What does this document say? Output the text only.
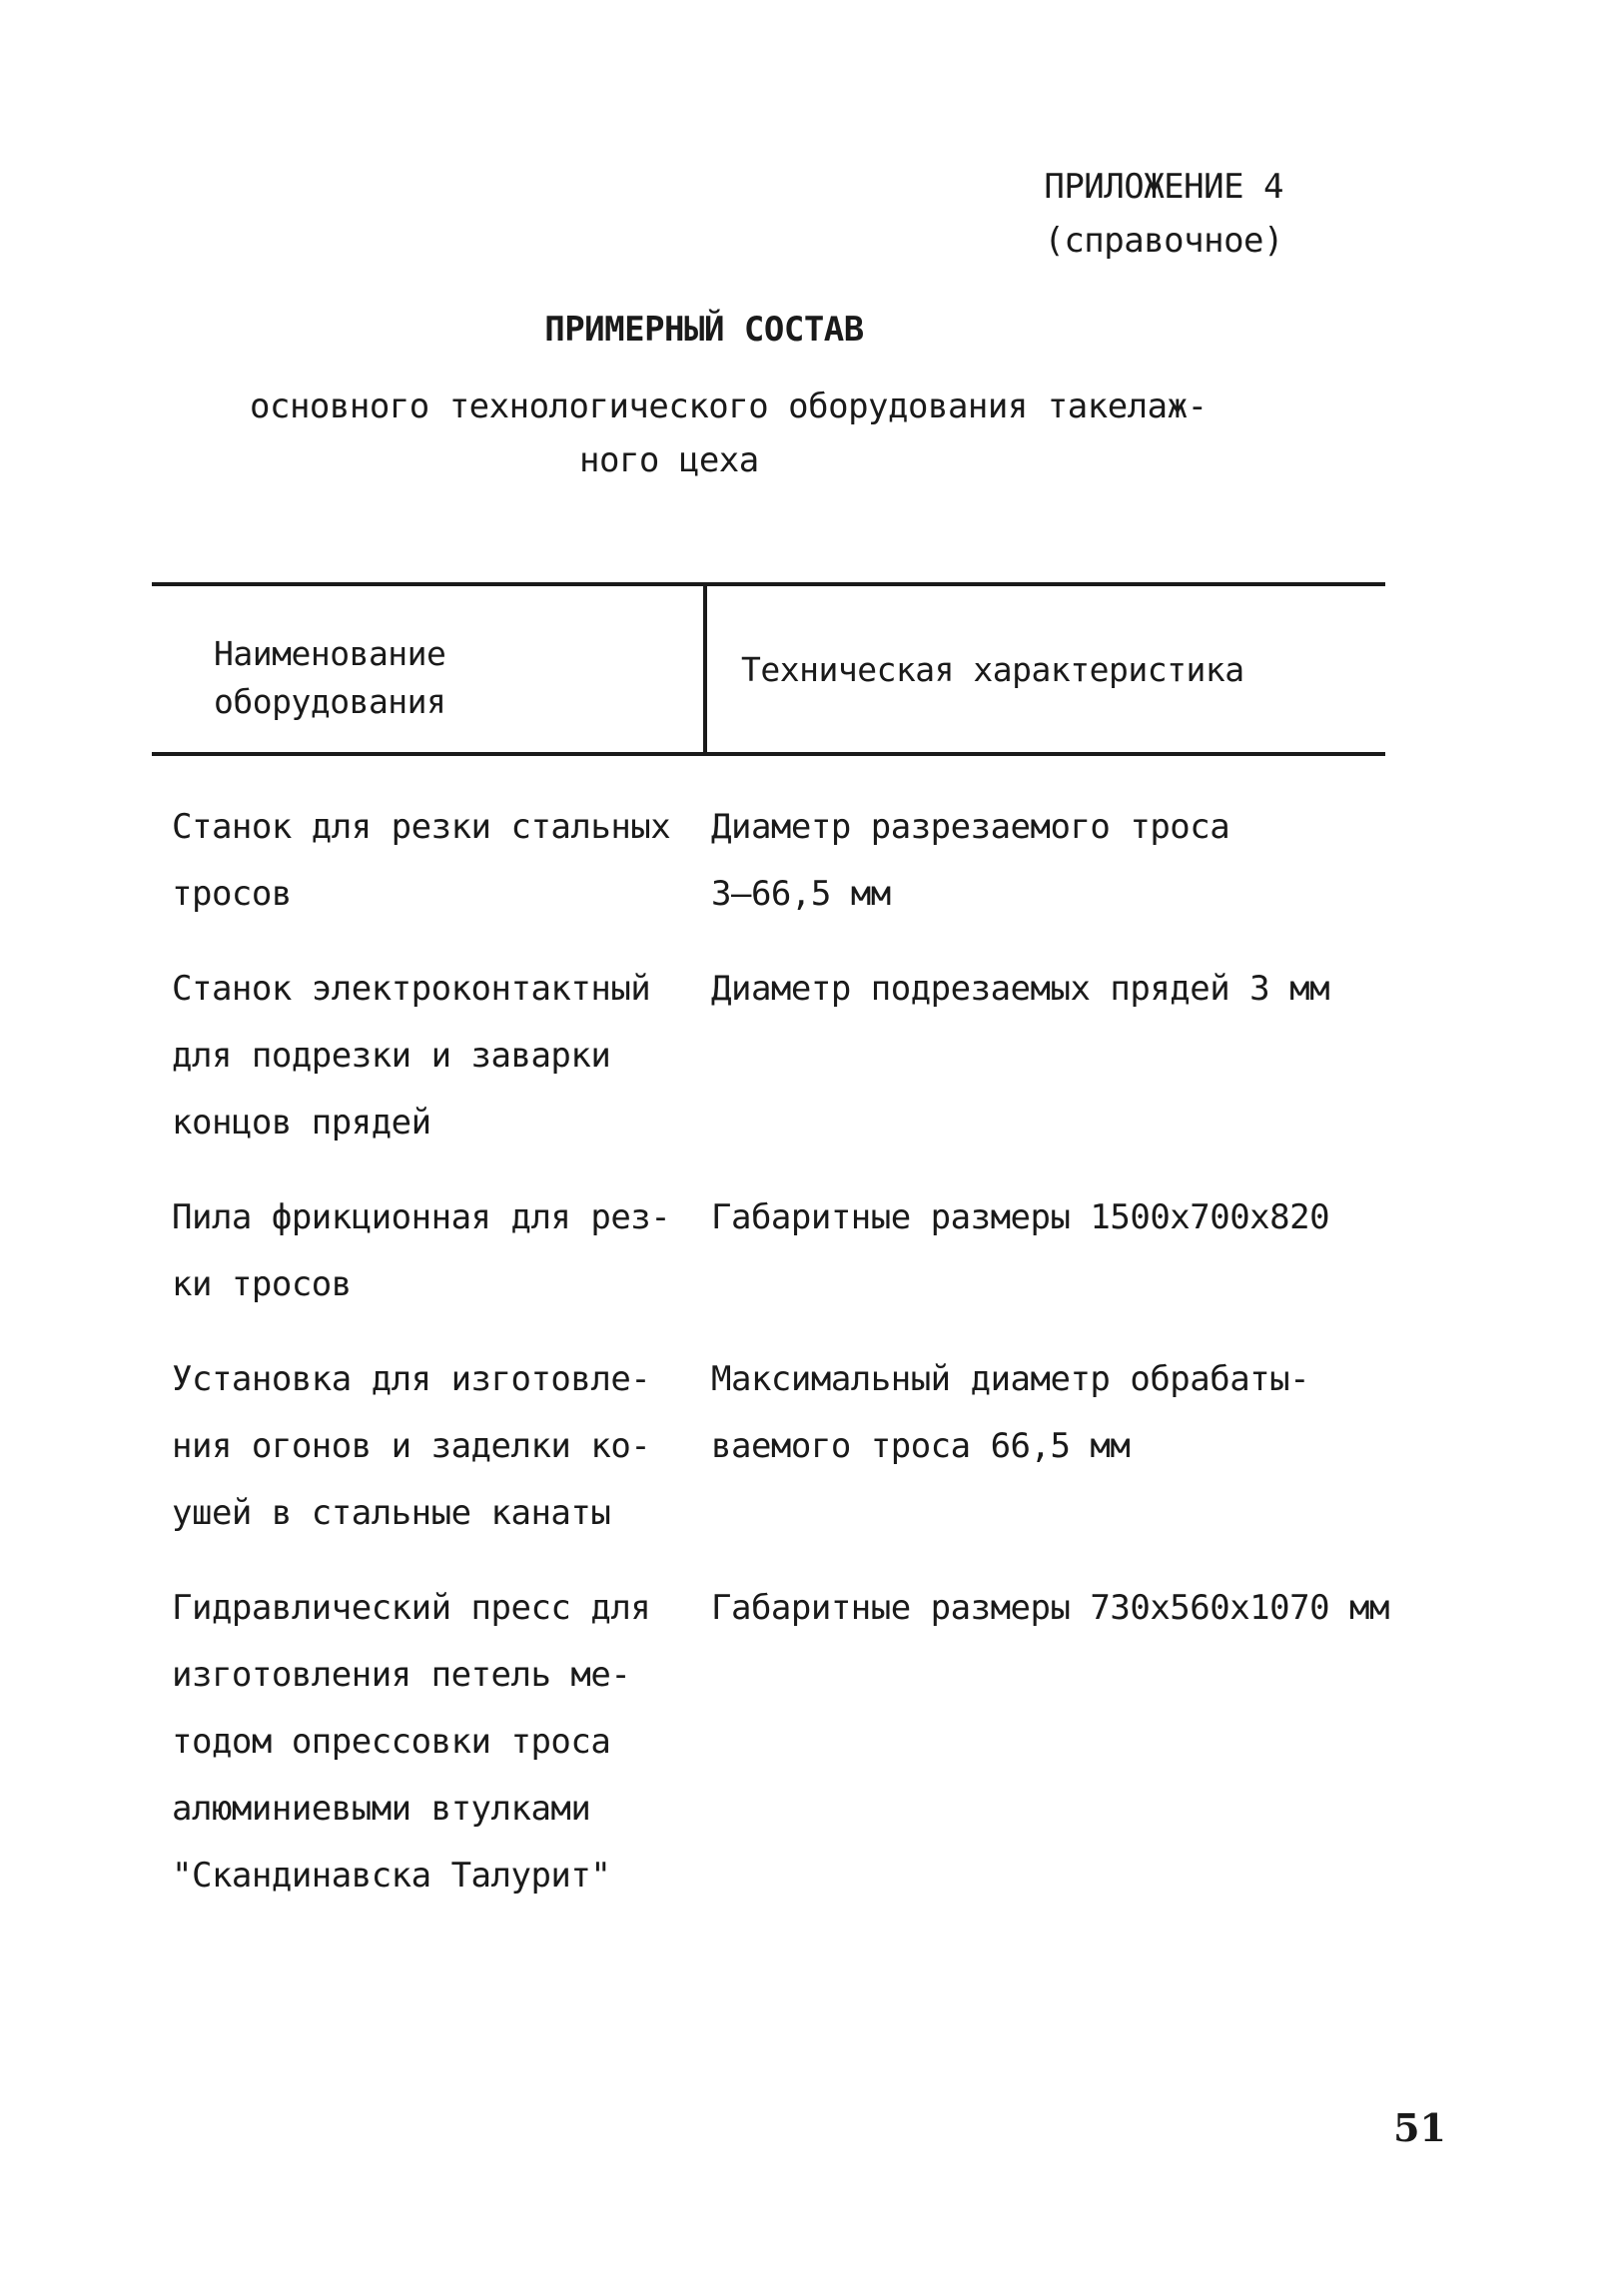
ПРИЛОЖЕНИЕ 4
(справочное)
ПРИМЕРНЫЙ СОСТАВ
основного технологического оборудования такелаж-
ного цеха
Наименование
оборудования
Техническая характеристика
Станок для резки стальных
тросов
Диаметр разрезаемого троса
3–66,5 мм
Станок электроконтактный
для подрезки и заварки
концов прядей
Диаметр подрезаемых прядей 3 мм
Пила фрикционная для рез-
ки тросов
Габаритные размеры 1500х700х820
Установка для изготовле-
ния огонов и заделки ко-
ушей в стальные канаты
Максимальный диаметр обрабаты-
ваемого троса 66,5 мм
Гидравлический пресс для
изготовления петель ме-
тодом опрессовки троса
алюминиевыми втулками
"Скандинавска Талурит"
Габаритные размеры 730х560х1070 мм
51
